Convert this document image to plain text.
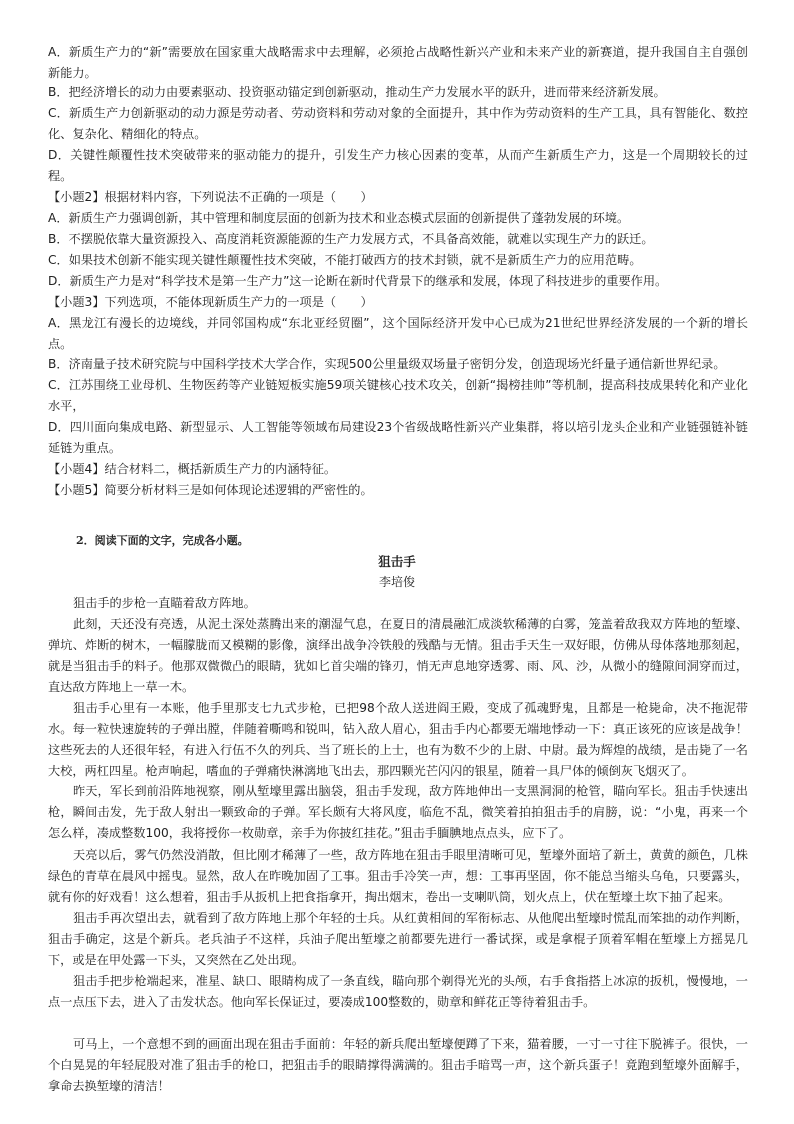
A．新质生产力的“新”需要放在国家重大战略需求中去理解，必须抢占战略性新兴产业和未来产业的新赛道，提升我国自主自强创新能力。

B．把经济增长的动力由要素驱动、投资驱动锚定到创新驱动，推动生产力发展水平的跃升，进而带来经济新发展。

C．新质生产力创新驱动的动力源是劳动者、劳动资料和劳动对象的全面提升，其中作为劳动资料的生产工具，具有智能化、数控化、复杂化、精细化的特点。

D．关键性颠覆性技术突破带来的驱动能力的提升，引发生产力核心因素的变革，从而产生新质生产力，这是一个周期较长的过程。

【小题2】根据材料内容，下列说法不正确的一项是（　　）

A．新质生产力强调创新，其中管理和制度层面的创新为技术和业态模式层面的创新提供了蓬勃发展的环境。

B．不摆脱依靠大量资源投入、高度消耗资源能源的生产力发展方式，不具备高效能，就难以实现生产力的跃迁。

C．如果技术创新不能实现关键性颠覆性技术突破，不能打破西方的技术封锁，就不是新质生产力的应用范畴。

D．新质生产力是对“科学技术是第一生产力”这一论断在新时代背景下的继承和发展，体现了科技进步的重要作用。

【小题3】下列选项，不能体现新质生产力的一项是（　　）

A．黑龙江有漫长的边境线，并同邻国构成“东北亚经贸圈”，这个国际经济开发中心已成为21世纪世界经济发展的一个新的增长点。

B．济南量子技术研究院与中国科学技术大学合作，实现500公里量级双场量子密钥分发，创造现场光纤量子通信新世界纪录。

C．江苏围绕工业母机、生物医药等产业链短板实施59项关键核心技术攻关，创新“揭榜挂帅”等机制，提高科技成果转化和产业化水平，

D．四川面向集成电路、新型显示、人工智能等领域布局建设23个省级战略性新兴产业集群，将以培引龙头企业和产业链强链补链延链为重点。

【小题4】结合材料二，概括新质生产力的内涵特征。

【小题5】简要分析材料三是如何体现论述逻辑的严密性的。

2．阅读下面的文字，完成各小题。

狙击手

李培俊

狙击手的步枪一直瞄着敌方阵地。

此刻，天还没有亮透，从泥土深处蒸腾出来的潮湿气息，在夏日的清晨融汇成淡软稀薄的白雾，笼盖着敌我双方阵地的堑壕、弹坑、炸断的树木，一幅朦胧而又模糊的影像，演绎出战争冷铁般的残酷与无情。狙击手天生一双好眼，仿佛从母体落地那刻起，就是当狙击手的料子。他那双微微凸的眼睛，犹如匕首尖端的锋刃，悄无声息地穿透雾、雨、风、沙，从微小的缝隙间洞穿而过，直达敌方阵地上一草一木。

狙击手心里有一本账，他手里那支七九式步枪，已把98个敌人送进阎王殿，变成了孤魂野鬼，且都是一枪毙命，决不拖泥带水。每一粒快速旋转的子弹出膛，伴随着嘶鸣和锐叫，钻入敌人眉心，狙击手内心都要无端地悸动一下：真正该死的应该是战争！这些死去的人还很年轻，有进入行伍不久的列兵、当了班长的上士，也有为数不少的上尉、中尉。最为辉煌的战绩，是击毙了一名大校，两杠四星。枪声响起，嗜血的子弹痛快淋漓地飞出去，那四颗光芒闪闪的银星，随着一具尸体的倾倒灰飞烟灭了。

昨天，军长到前沿阵地视察，刚从堑壕里露出脑袋，狙击手发现，敌方阵地伸出一支黑洞洞的枪管，瞄向军长。狙击手快速出枪，瞬间击发，先于敌人射出一颗致命的子弹。军长颇有大将风度，临危不乱，微笑着拍拍狙击手的肩膀，说：“小鬼，再来一个怎么样，凑成整数100，我将授你一枚勋章，亲手为你披红挂花。”狙击手腼腆地点点头，应下了。

天亮以后，雾气仍然没消散，但比刚才稀薄了一些，敌方阵地在狙击手眼里清晰可见，堑壕外面培了新土，黄黄的颜色，几株绿色的青草在晨风中摇曳。显然，敌人在昨晚加固了工事。狙击手冷笑一声，想：工事再坚固，你不能总当缩头乌龟，只要露头，就有你的好戏看！这么想着，狙击手从扳机上把食指拿开，掏出烟末，卷出一支喇叭筒，划火点上，伏在堑壕土坎下抽了起来。

狙击手再次望出去，就看到了敌方阵地上那个年轻的士兵。从红黄相间的军衔标志、从他爬出堑壕时慌乱而笨拙的动作判断，狙击手确定，这是个新兵。老兵油子不这样，兵油子爬出堑壕之前都要先进行一番试探，或是拿棍子顶着军帽在堑壕上方摇晃几下，或是在甲处露一下头，又突然在乙处出现。

狙击手把步枪端起来，准星、缺口、眼睛构成了一条直线，瞄向那个剃得光光的头颅，右手食指搭上冰凉的扳机，慢慢地，一点一点压下去，进入了击发状态。他向军长保证过，要凑成100整数的，勋章和鲜花正等待着狙击手。

可马上，一个意想不到的画面出现在狙击手面前：年轻的新兵爬出堑壕便蹲了下来，猫着腰，一寸一寸往下脱裤子。很快，一个白晃晃的年轻屁股对准了狙击手的枪口，把狙击手的眼睛撑得满满的。狙击手暗骂一声，这个新兵蛋子！竟跑到堑壕外面解手，拿命去换堑壕的清洁！
